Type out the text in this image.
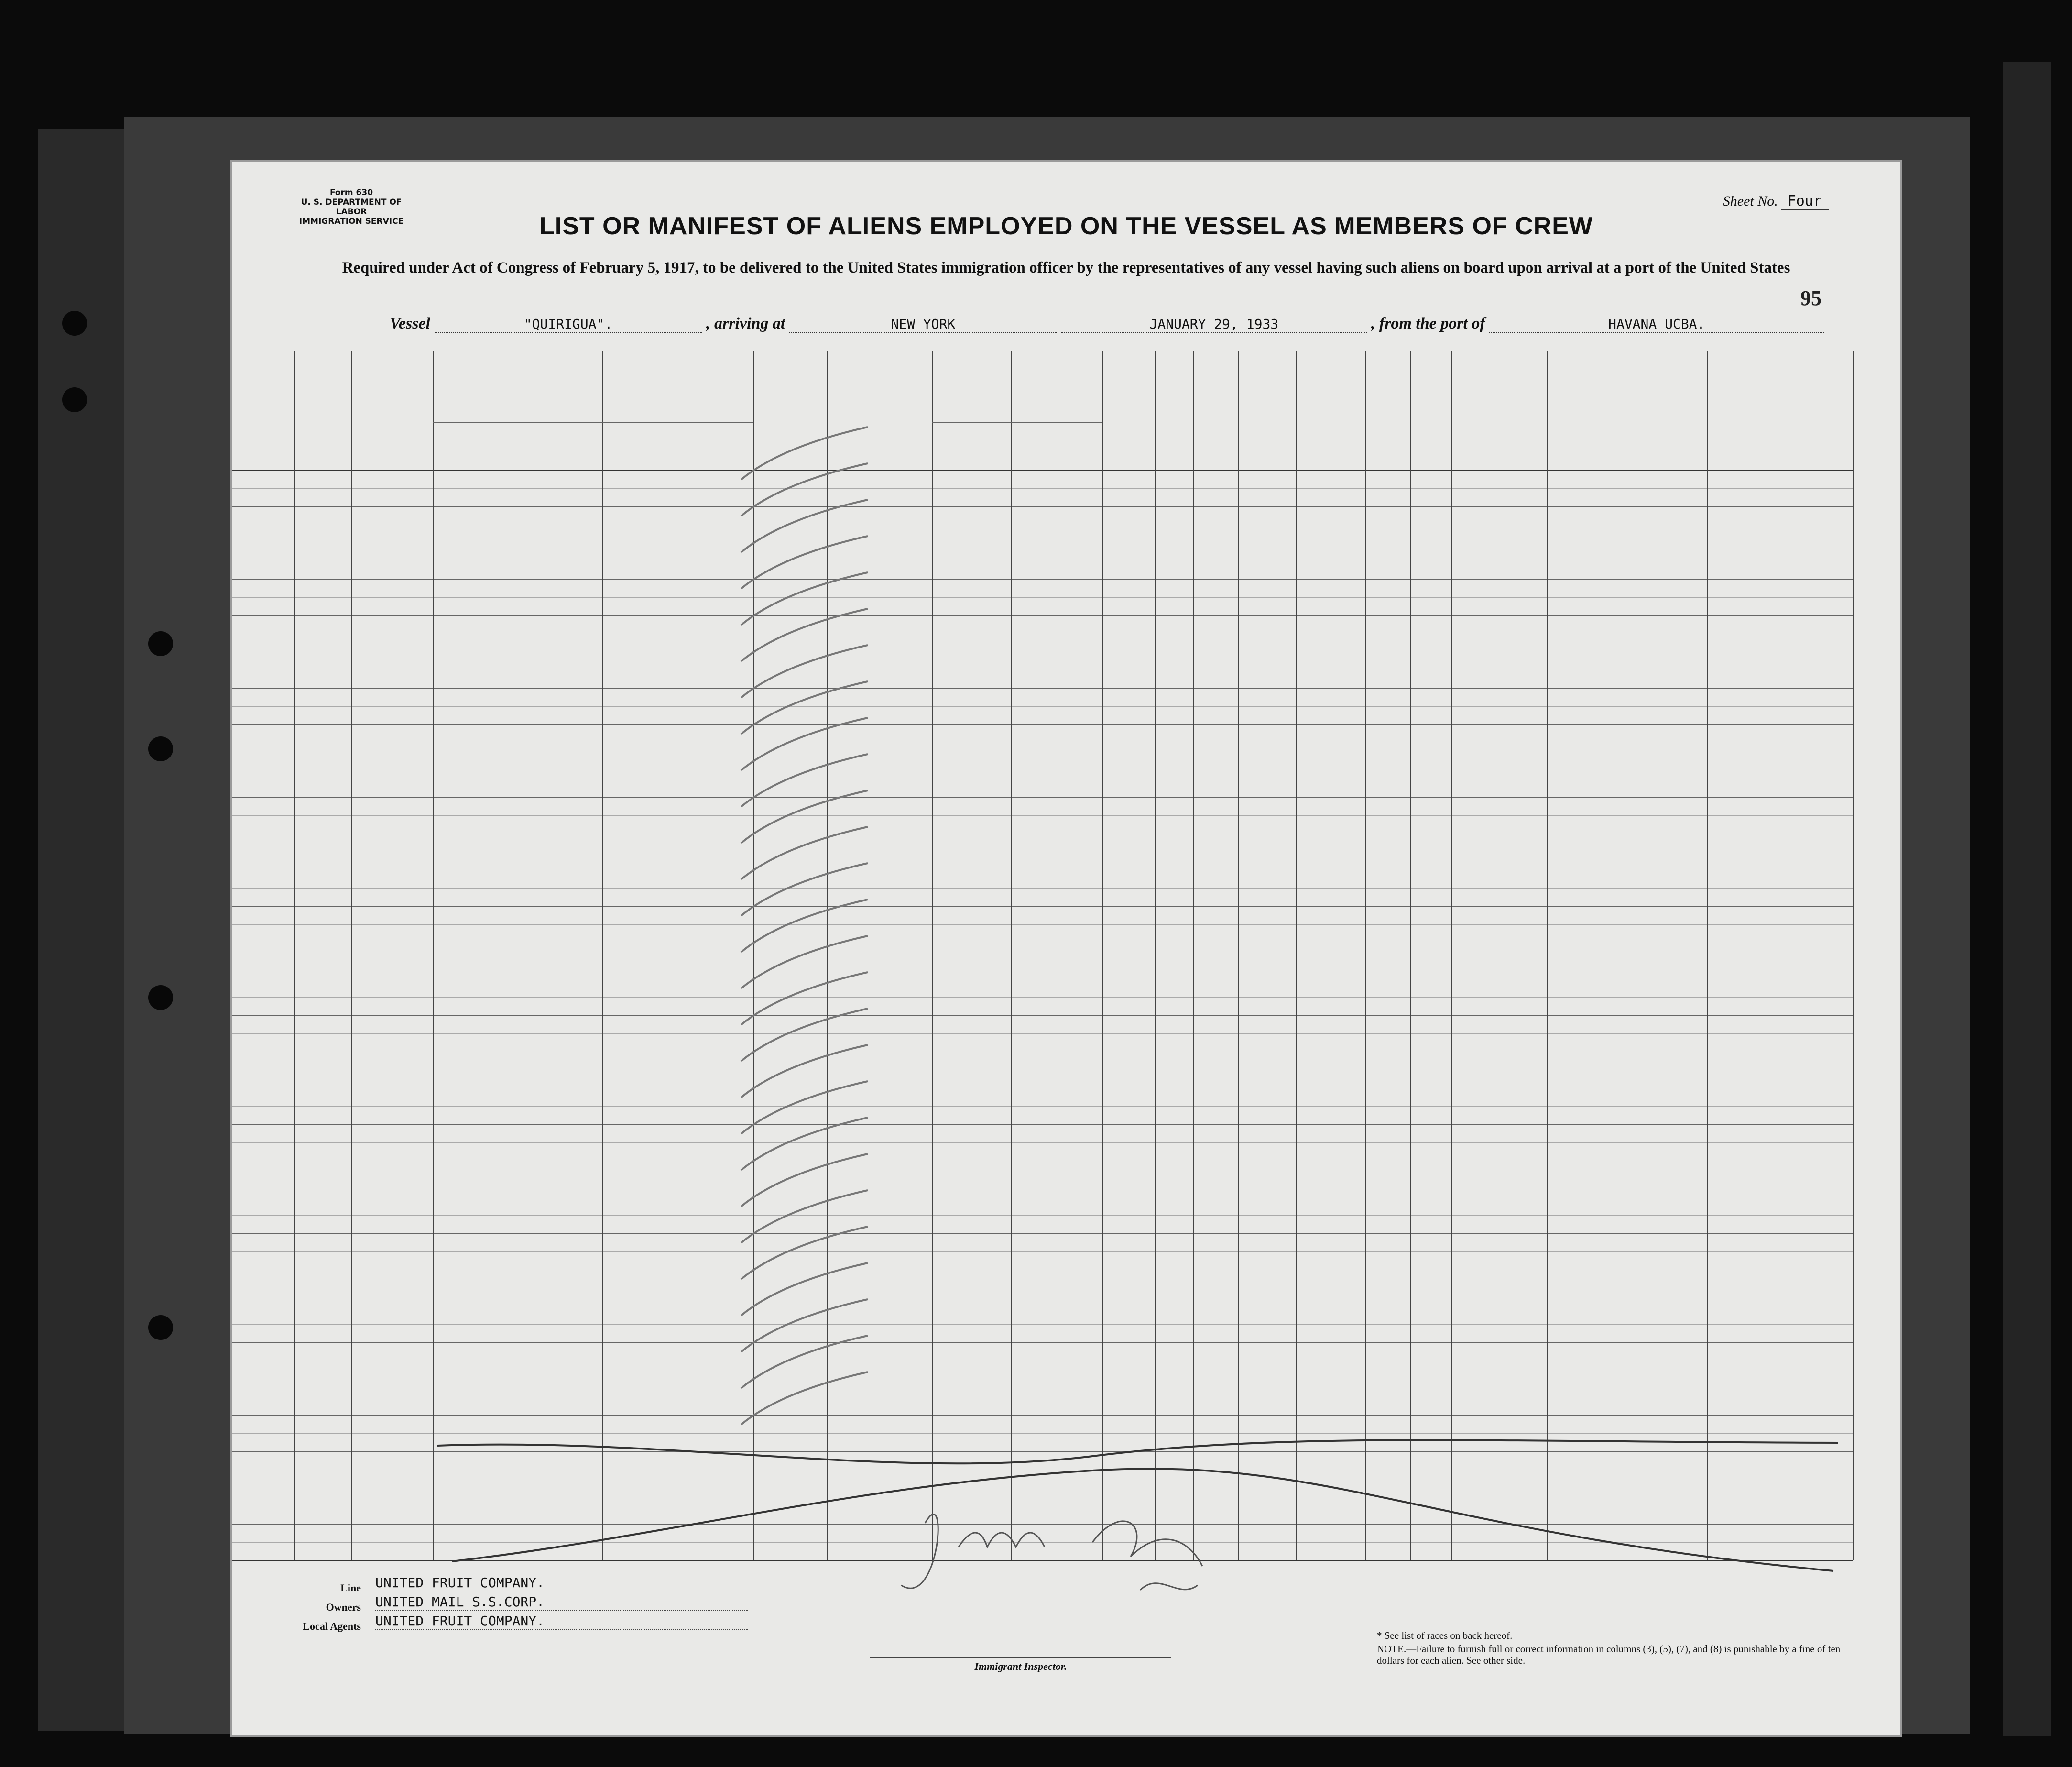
Form 630
U. S. DEPARTMENT OF LABOR
IMMIGRATION SERVICE
Sheet No. Four
LIST OR MANIFEST OF ALIENS EMPLOYED ON THE VESSEL AS MEMBERS OF CREW
Required under Act of Congress of February 5, 1917, to be delivered to the United States immigration officer by the representatives of any vessel having such aliens on board upon arrival at a port of the United States
95
Vessel	"QUIRIGUA".	, arriving at	NEW YORK	JANUARY 29, 1933	, from the port of	HAVANA UCBA.
Line UNITED FRUIT COMPANY.
Owners UNITED MAIL S.S.CORP.
Local Agents UNITED FRUIT COMPANY.
Immigrant Inspector.
* See list of races on back hereof.
NOTE.—Failure to furnish full or correct information in columns (3), (5), (7), and (8) is punishable by a fine of ten dollars for each alien. See other side.
